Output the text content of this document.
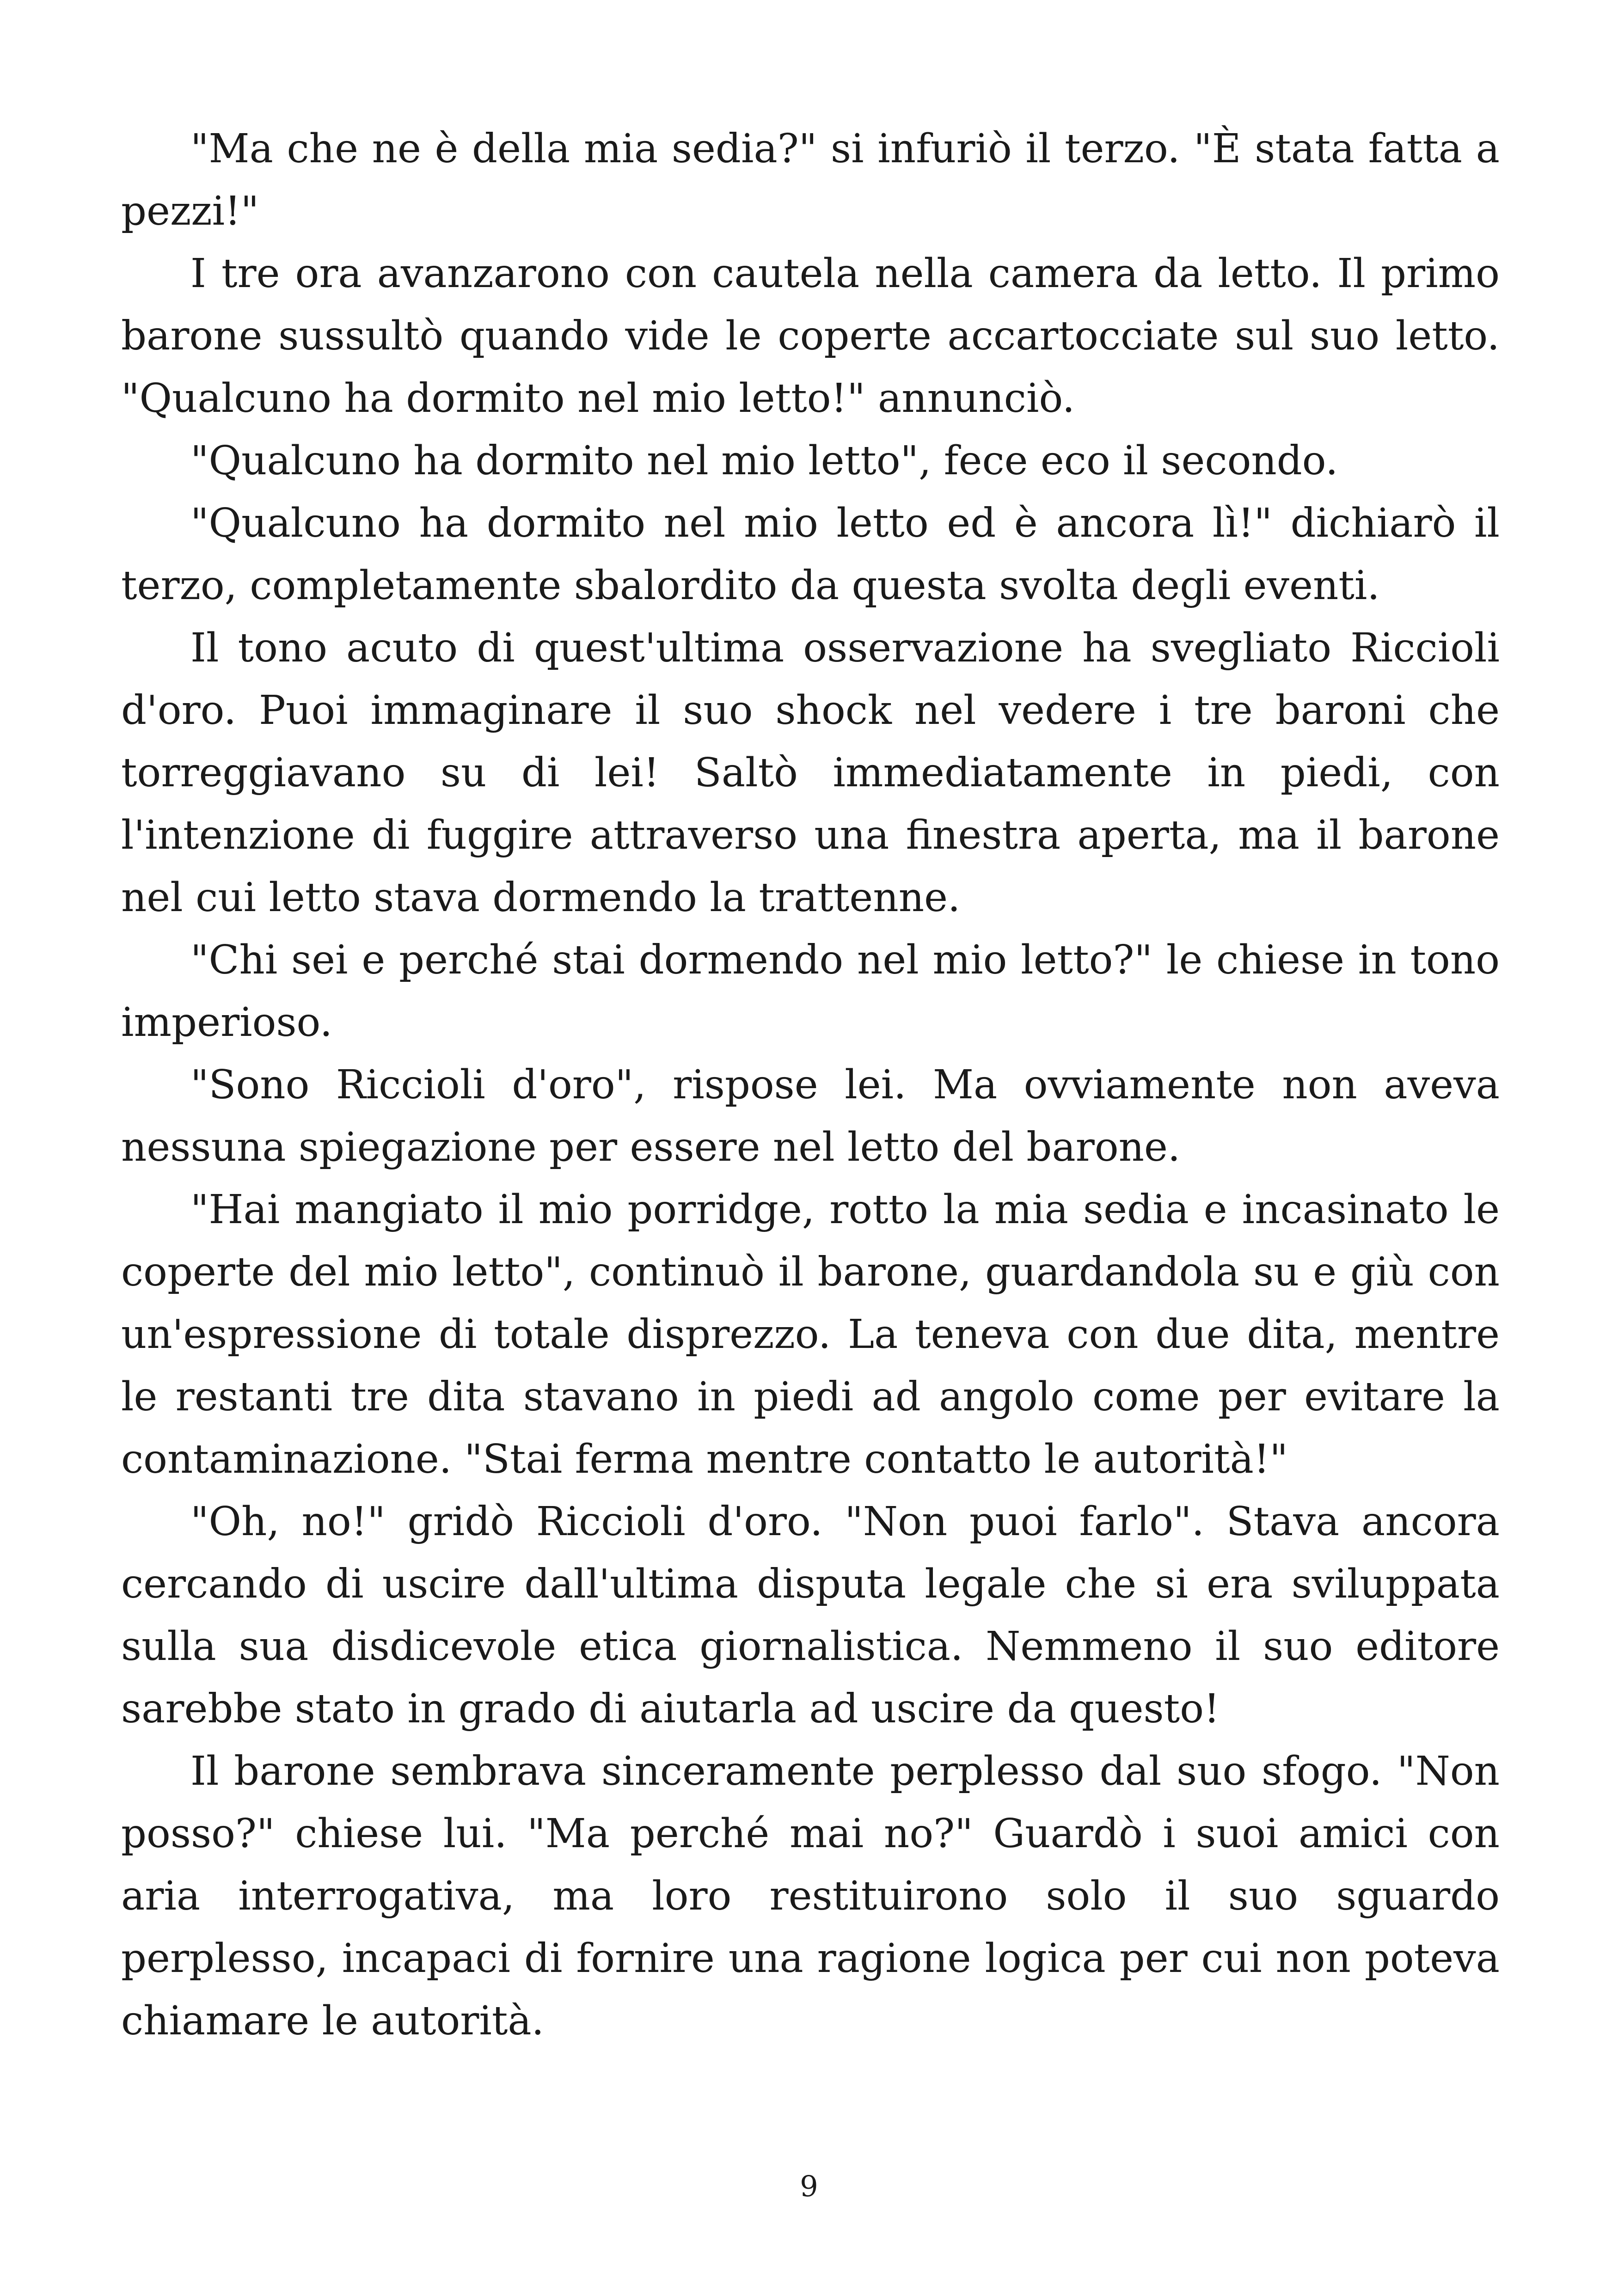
"Ma che ne è della mia sedia?" si infuriò il terzo. "È stata fatta a pezzi!"

I tre ora avanzarono con cautela nella camera da letto. Il primo barone sussultò quando vide le coperte accartocciate sul suo letto. "Qualcuno ha dormito nel mio letto!" annunciò.

"Qualcuno ha dormito nel mio letto", fece eco il secondo.

"Qualcuno ha dormito nel mio letto ed è ancora lì!" dichiarò il terzo, completamente sbalordito da questa svolta degli eventi.

Il tono acuto di quest'ultima osservazione ha svegliato Riccioli d'oro. Puoi immaginare il suo shock nel vedere i tre baroni che torreggiavano su di lei! Saltò immediatamente in piedi, con l'intenzione di fuggire attraverso una finestra aperta, ma il barone nel cui letto stava dormendo la trattenne.

"Chi sei e perché stai dormendo nel mio letto?" le chiese in tono imperioso.

"Sono Riccioli d'oro", rispose lei. Ma ovviamente non aveva nessuna spiegazione per essere nel letto del barone.

"Hai mangiato il mio porridge, rotto la mia sedia e incasinato le coperte del mio letto", continuò il barone, guardandola su e giù con un'espressione di totale disprezzo. La teneva con due dita, mentre le restanti tre dita stavano in piedi ad angolo come per evitare la contaminazione. "Stai ferma mentre contatto le autorità!"

"Oh, no!" gridò Riccioli d'oro. "Non puoi farlo". Stava ancora cercando di uscire dall'ultima disputa legale che si era sviluppata sulla sua disdicevole etica giornalistica. Nemmeno il suo editore sarebbe stato in grado di aiutarla ad uscire da questo!

Il barone sembrava sinceramente perplesso dal suo sfogo. "Non posso?" chiese lui. "Ma perché mai no?" Guardò i suoi amici con aria interrogativa, ma loro restituirono solo il suo sguardo perplesso, incapaci di fornire una ragione logica per cui non poteva chiamare le autorità.

9
